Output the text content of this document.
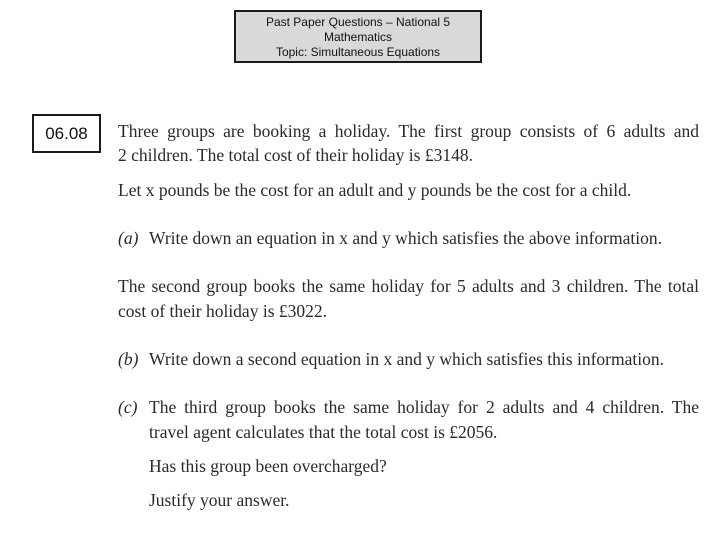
Past Paper Questions – National 5
Mathematics
Topic: Simultaneous Equations
06.08 Three groups are booking a holiday. The first group consists of 6 adults and
2 children. The total cost of their holiday is £3148.
Let x pounds be the cost for an adult and y pounds be the cost for a child.
(a) Write down an equation in x and y which satisfies the above information.
The second group books the same holiday for 5 adults and 3 children. The total
cost of their holiday is £3022.
(b) Write down a second equation in x and y which satisfies this information.
(c) The third group books the same holiday for 2 adults and 4 children. The
travel agent calculates that the total cost is £2056.
Has this group been overcharged?
Justify your answer.
